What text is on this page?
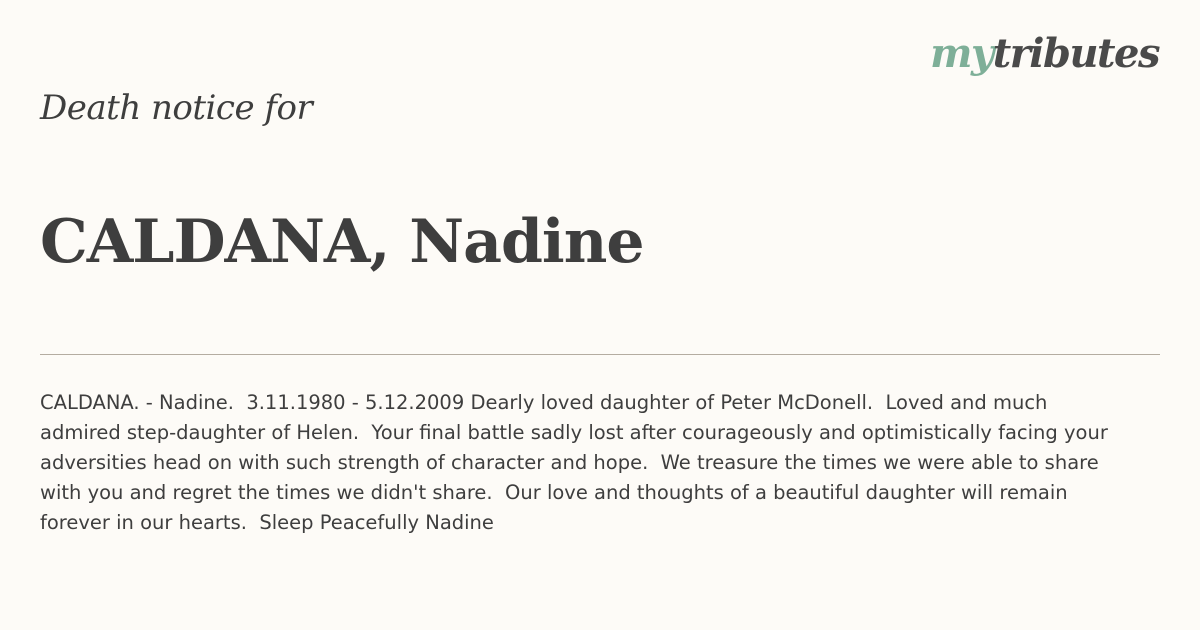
mytributes
Death notice for
CALDANA, Nadine

CALDANA. - Nadine.  3.11.1980 - 5.12.2009 Dearly loved daughter of Peter McDonell.  Loved and much admired step-daughter of Helen.  Your final battle sadly lost after courageously and optimistically facing your adversities head on with such strength of character and hope.  We treasure the times we were able to share with you and regret the times we didn't share.  Our love and thoughts of a beautiful daughter will remain forever in our hearts.  Sleep Peacefully Nadine
